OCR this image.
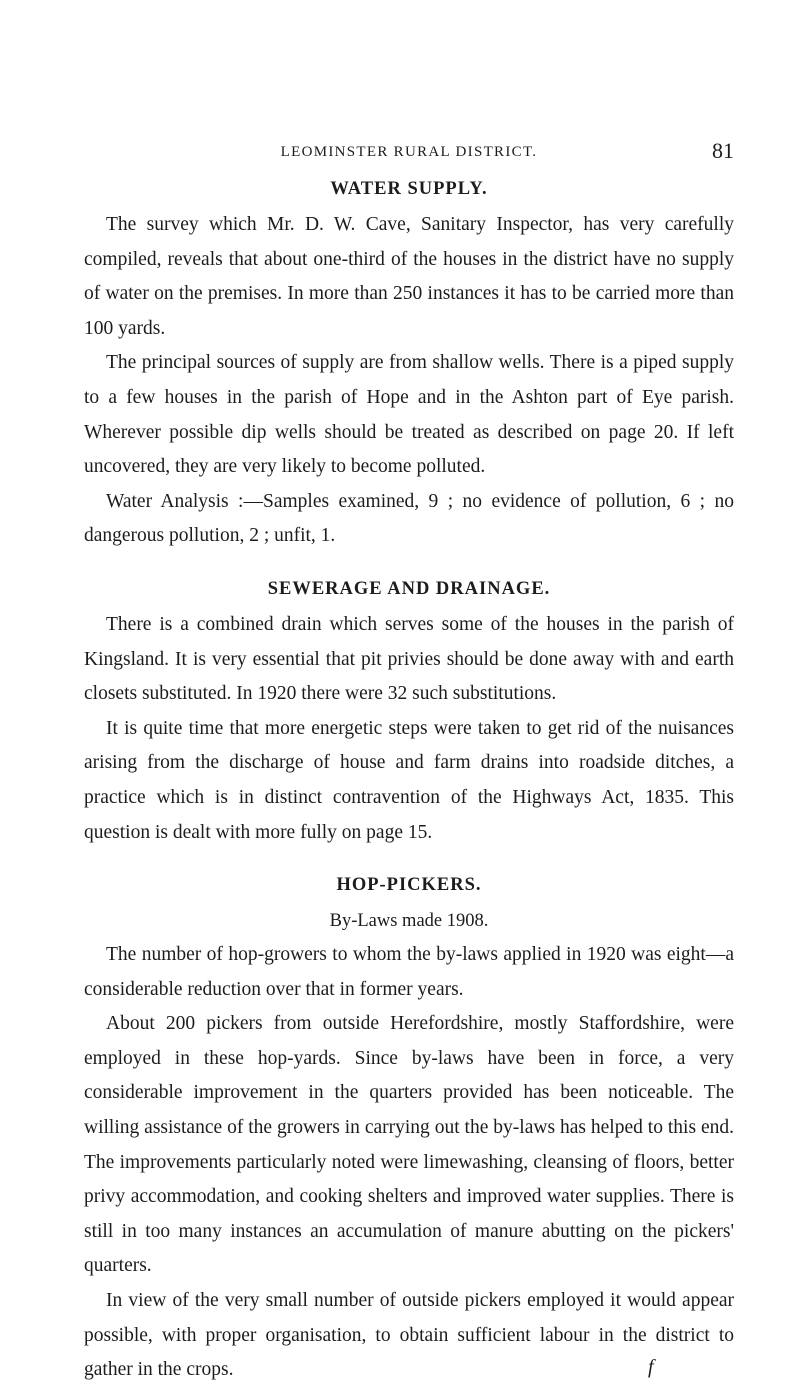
LEOMINSTER RURAL DISTRICT.	81
WATER SUPPLY.

The survey which Mr. D. W. Cave, Sanitary Inspector, has very carefully compiled, reveals that about one-third of the houses in the district have no supply of water on the premises. In more than 250 instances it has to be carried more than 100 yards.

The principal sources of supply are from shallow wells. There is a piped supply to a few houses in the parish of Hope and in the Ashton part of Eye parish. Wherever possible dip wells should be treated as described on page 20. If left uncovered, they are very likely to become polluted.

Water Analysis :—Samples examined, 9 ; no evidence of pollution, 6 ; no dangerous pollution, 2 ; unfit, 1.

SEWERAGE AND DRAINAGE.

There is a combined drain which serves some of the houses in the parish of Kingsland. It is very essential that pit privies should be done away with and earth closets substituted. In 1920 there were 32 such substitutions.

It is quite time that more energetic steps were taken to get rid of the nuisances arising from the discharge of house and farm drains into roadside ditches, a practice which is in distinct contravention of the Highways Act, 1835. This question is dealt with more fully on page 15.

HOP-PICKERS.

By-Laws made 1908.

The number of hop-growers to whom the by-laws applied in 1920 was eight—a considerable reduction over that in former years.

About 200 pickers from outside Herefordshire, mostly Staffordshire, were employed in these hop-yards. Since by-laws have been in force, a very considerable improvement in the quarters provided has been noticeable. The willing assistance of the growers in carrying out the by-laws has helped to this end. The improvements particularly noted were limewashing, cleansing of floors, better privy accommodation, and cooking shelters and improved water supplies. There is still in too many instances an accumulation of manure abutting on the pickers' quarters.

In view of the very small number of outside pickers employed it would appear possible, with proper organisation, to obtain sufficient labour in the district to gather in the crops.	f
